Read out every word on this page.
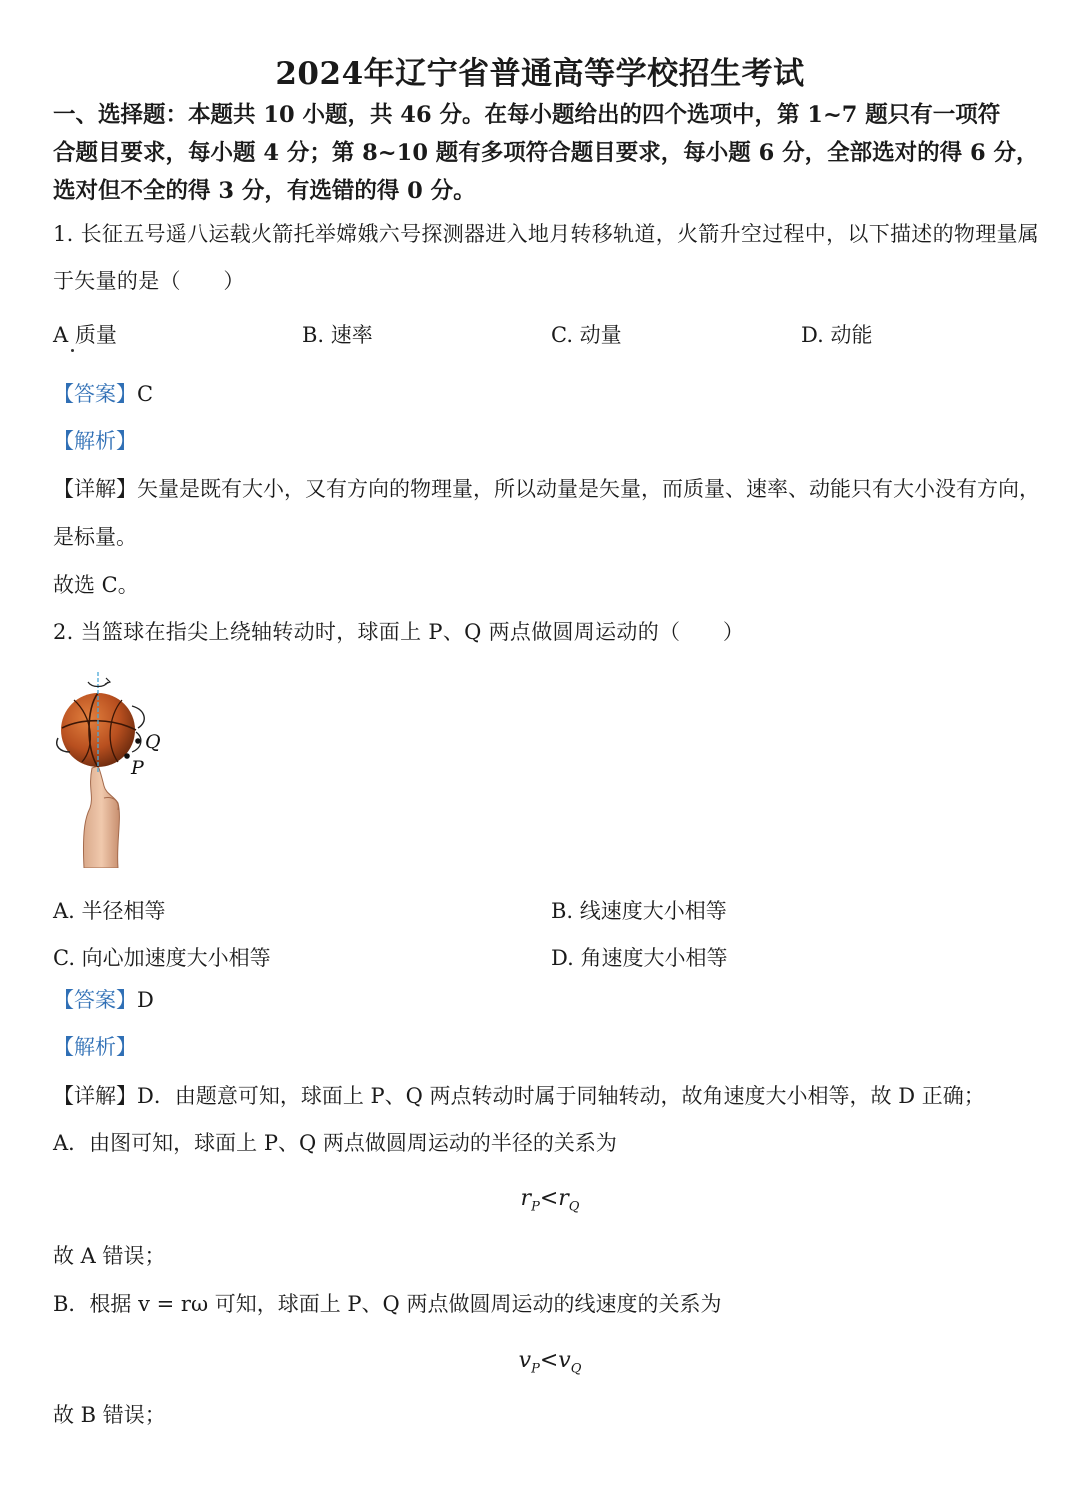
2024年辽宁省普通高等学校招生考试
一、选择题：本题共 10 小题，共 46 分。在每小题给出的四个选项中，第 1~7 题只有一项符
合题目要求，每小题 4 分；第 8~10 题有多项符合题目要求，每小题 6 分，全部选对的得 6 分，
选对但不全的得 3 分，有选错的得 0 分。
1. 长征五号遥八运载火箭托举嫦娥六号探测器进入地月转移轨道，火箭升空过程中，以下描述的物理量属
于矢量的是（　　）
A 质量	B. 速率	C. 动量	D. 动能
【答案】C
【解析】
【详解】矢量是既有大小，又有方向的物理量，所以动量是矢量，而质量、速率、动能只有大小没有方向，
是标量。
故选 C。
2. 当篮球在指尖上绕轴转动时，球面上 P、Q 两点做圆周运动的（　　）
Q
P
A. 半径相等	B. 线速度大小相等
C. 向心加速度大小相等	D. 角速度大小相等
【答案】D
【解析】
【详解】D．由题意可知，球面上 P、Q 两点转动时属于同轴转动，故角速度大小相等，故 D 正确；
A．由图可知，球面上 P、Q 两点做圆周运动的半径的关系为
$r_P<r_Q$
故 A 错误；
B．根据 v = rω 可知，球面上 P、Q 两点做圆周运动的线速度的关系为
$v_P<v_Q$
故 B 错误；
